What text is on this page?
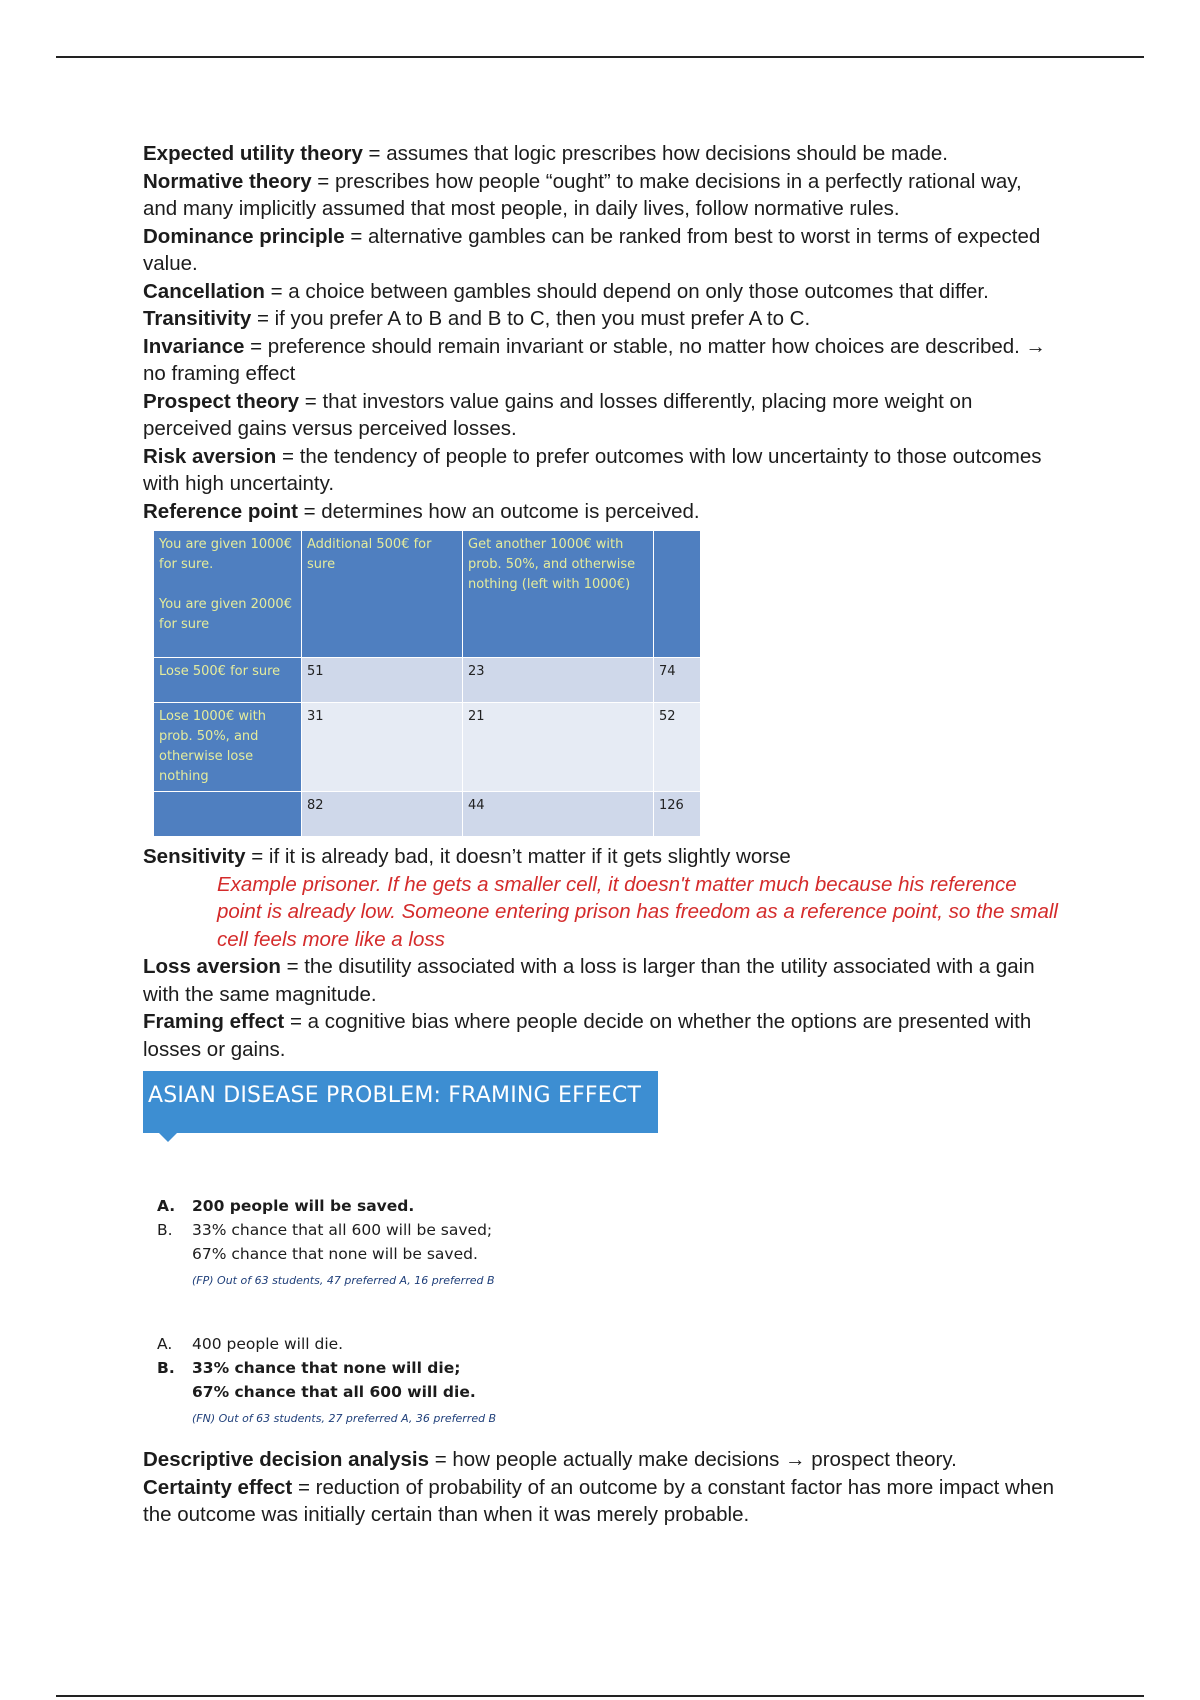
Expected utility theory = assumes that logic prescribes how decisions should be made.

Normative theory = prescribes how people “ought” to make decisions in a perfectly rational way, and many implicitly assumed that most people, in daily lives, follow normative rules.

Dominance principle = alternative gambles can be ranked from best to worst in terms of expected value.

Cancellation = a choice between gambles should depend on only those outcomes that differ.

Transitivity = if you prefer A to B and B to C, then you must prefer A to C.

Invariance = preference should remain invariant or stable, no matter how choices are described. → no framing effect

Prospect theory = that investors value gains and losses differently, placing more weight on perceived gains versus perceived losses.

Risk aversion = the tendency of people to prefer outcomes with low uncertainty to those outcomes with high uncertainty.

Reference point = determines how an outcome is perceived.

You are given 1000€ for sure.
You are given 2000€ for sure	Additional 500€ for sure	Get another 1000€ with prob. 50%, and otherwise nothing (left with 1000€)	
Lose 500€ for sure	51	23	74
Lose 1000€ with prob. 50%, and otherwise lose nothing	31	21	52
	82	44	126

Sensitivity = if it is already bad, it doesn’t matter if it gets slightly worse

Example prisoner. If he gets a smaller cell, it doesn't matter much because his reference point is already low. Someone entering prison has freedom as a reference point, so the small cell feels more like a loss

Loss aversion = the disutility associated with a loss is larger than the utility associated with a gain with the same magnitude.

Framing effect = a cognitive bias where people decide on whether the options are presented with losses or gains.

ASIAN DISEASE PROBLEM: FRAMING EFFECT
A.	200 people will be saved.
B.	33% chance that all 600 will be saved;
67% chance that none will be saved.
(FP) Out of 63 students, 47 preferred A, 16 preferred B
A.	400 people will die.
B.	33% chance that none will die;
67% chance that all 600 will die.
(FN) Out of 63 students, 27 preferred A, 36 preferred B

Descriptive decision analysis = how people actually make decisions → prospect theory.

Certainty effect = reduction of probability of an outcome by a constant factor has more impact when the outcome was initially certain than when it was merely probable.
